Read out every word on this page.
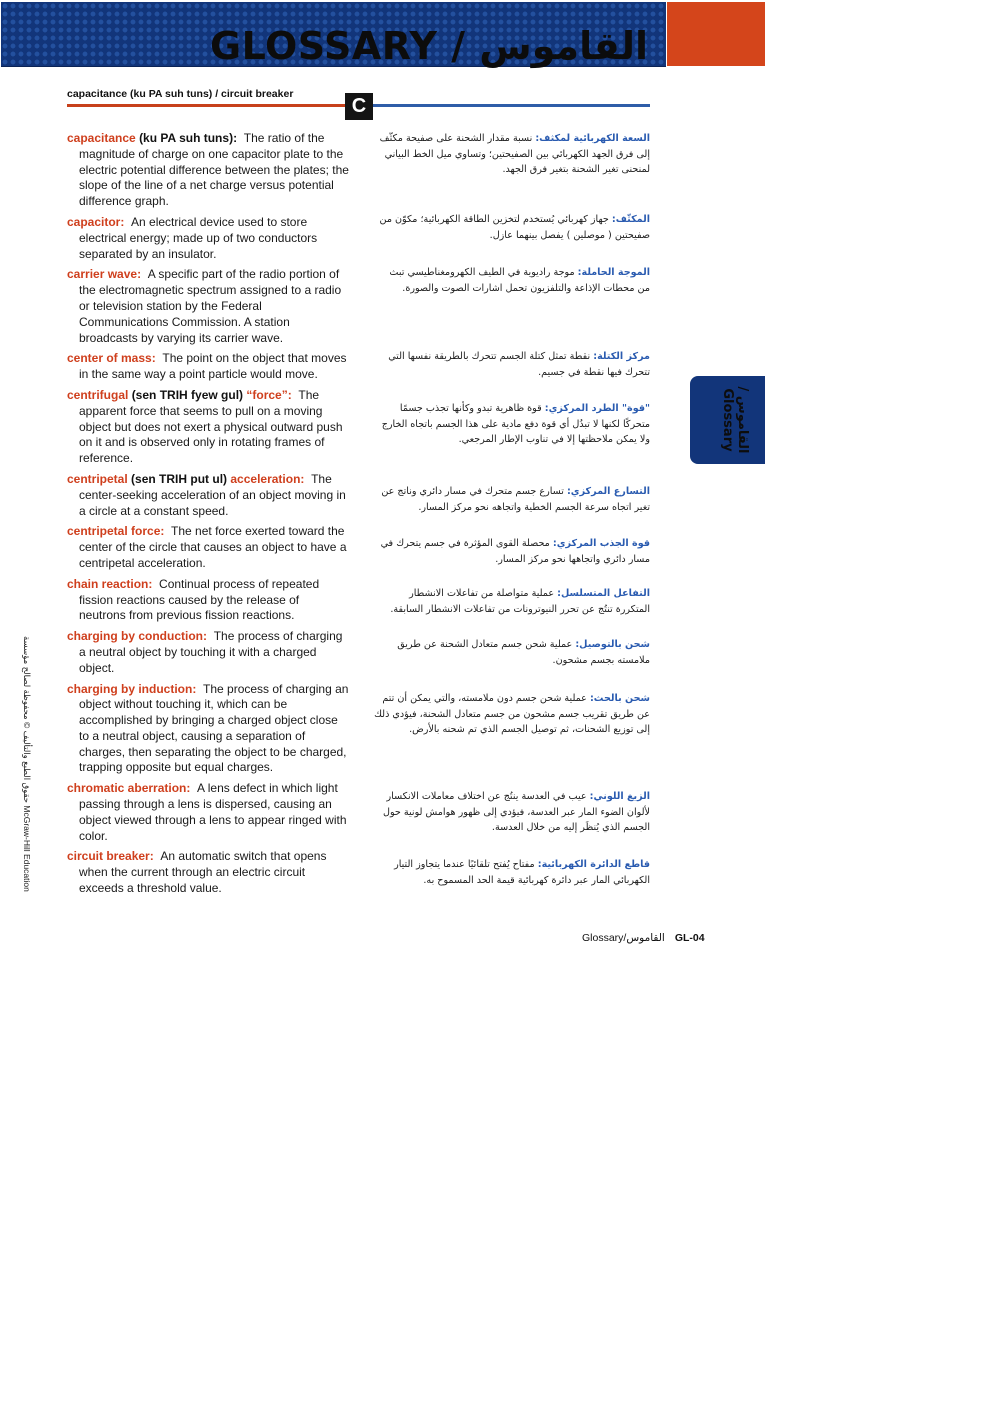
GLOSSARY / القاموس
capacitance (ku PA suh tuns) / circuit breaker
C
حقوق الطبع والتأليف © محفوظة لصالح مؤسسة McGraw-Hill Education

capacitance (ku PA suh tuns): The ratio of the magnitude of charge on one capacitor plate to the electric potential difference between the plates; the slope of the line of a net charge versus potential difference graph.

capacitor: An electrical device used to store electrical energy; made up of two conductors separated by an insulator.

carrier wave: A specific part of the radio portion of the electromagnetic spectrum assigned to a radio or television station by the Federal Communications Commission. A station broadcasts by varying its carrier wave.

center of mass: The point on the object that moves in the same way a point particle would move.

centrifugal (sen TRIH fyew gul) “force”: The apparent force that seems to pull on a moving object but does not exert a physical outward push on it and is observed only in rotating frames of reference.

centripetal (sen TRIH put ul) acceleration: The center-seeking acceleration of an object moving in a circle at a constant speed.

centripetal force: The net force exerted toward the center of the circle that causes an object to have a centripetal acceleration.

chain reaction: Continual process of repeated fission reactions caused by the release of neutrons from previous fission reactions.

charging by conduction: The process of charging a neutral object by touching it with a charged object.

charging by induction: The process of charging an object without touching it, which can be accomplished by bringing a charged object close to a neutral object, causing a separation of charges, then separating the object to be charged, trapping opposite but equal charges.

chromatic aberration: A lens defect in which light passing through a lens is dispersed, causing an object viewed through a lens to appear ringed with color.

circuit breaker: An automatic switch that opens when the current through an electric circuit exceeds a threshold value.

السعة الكهربائية لمكثف: نسبة مقدار الشحنة على صفيحة مكثّف إلى فرق الجهد الكهربائي بين الصفيحتين؛ وتساوي ميل الخط البياني لمنحنى تغير الشحنة بتغير فرق الجهد.

المكثّف: جهاز كهربائي يُستخدم لتخزين الطاقة الكهربائية؛ مكوّن من صفيحتين ( موصلين ) يفصل بينهما عازل.

الموجة الحاملة: موجة راديوية في الطيف الكهرومغناطيسي تبث من محطات الإذاعة والتلفزيون تحمل اشارات الصوت والصورة.

مركز الكتلة: نقطة تمثل كتلة الجسم تتحرك بالطريقة نفسها التي تتحرك فيها نقطة في جسيم.

"قوة" الطرد المركزي: قوة ظاهرية تبدو وكأنها تجذب جسمًا متحركًا لكنها لا تبذُل أي قوة دفع مادية على هذا الجسم باتجاه الخارج ولا يمكن ملاحظتها إلا في تناوب الإطار المرجعي.

التسارع المركزي: تسارع جسم متحرك في مسار دائري وناتج عن تغير اتجاه سرعة الجسم الخطية واتجاهه نحو مركز المسار.

قوة الجذب المركزي: محصلة القوى المؤثرة في جسم يتحرك في مسار دائري واتجاهها نحو مركز المسار.

التفاعل المتسلسل: عملية متواصلة من تفاعلات الانشطار المتكررة تنتُج عن تحرر النيوترونات من تفاعلات الانشطار السابقة.

شحن بالتوصيل: عملية شحن جسم متعادل الشحنة عن طريق ملامسته بجسم مشحون.

شحن بالحث: عملية شحن جسم دون ملامسته، والتي يمكن أن تتم عن طريق تقريب جسم مشحون من جسم متعادل الشحنة، فيؤدي ذلك إلى توزيع الشحنات، ثم توصيل الجسم الذي تم شحنه بالأرض.

الزيغ اللوني: عيب في العدسة ينتُج عن اختلاف معاملات الانكسار لألوان الضوء المار عبر العدسة، فيؤدي إلى ظهور هوامش لونية حول الجسم الذي يُنظَر إليه من خلال العدسة.

قاطع الدائرة الكهربائية: مفتاح يُفتح تلقائيًا عندما يتجاوز التيار الكهربائي المار عبر دائرة كهربائية قيمة الحد المسموح به.

/ القاموس
Glossary
Glossary/القاموس GL-04
